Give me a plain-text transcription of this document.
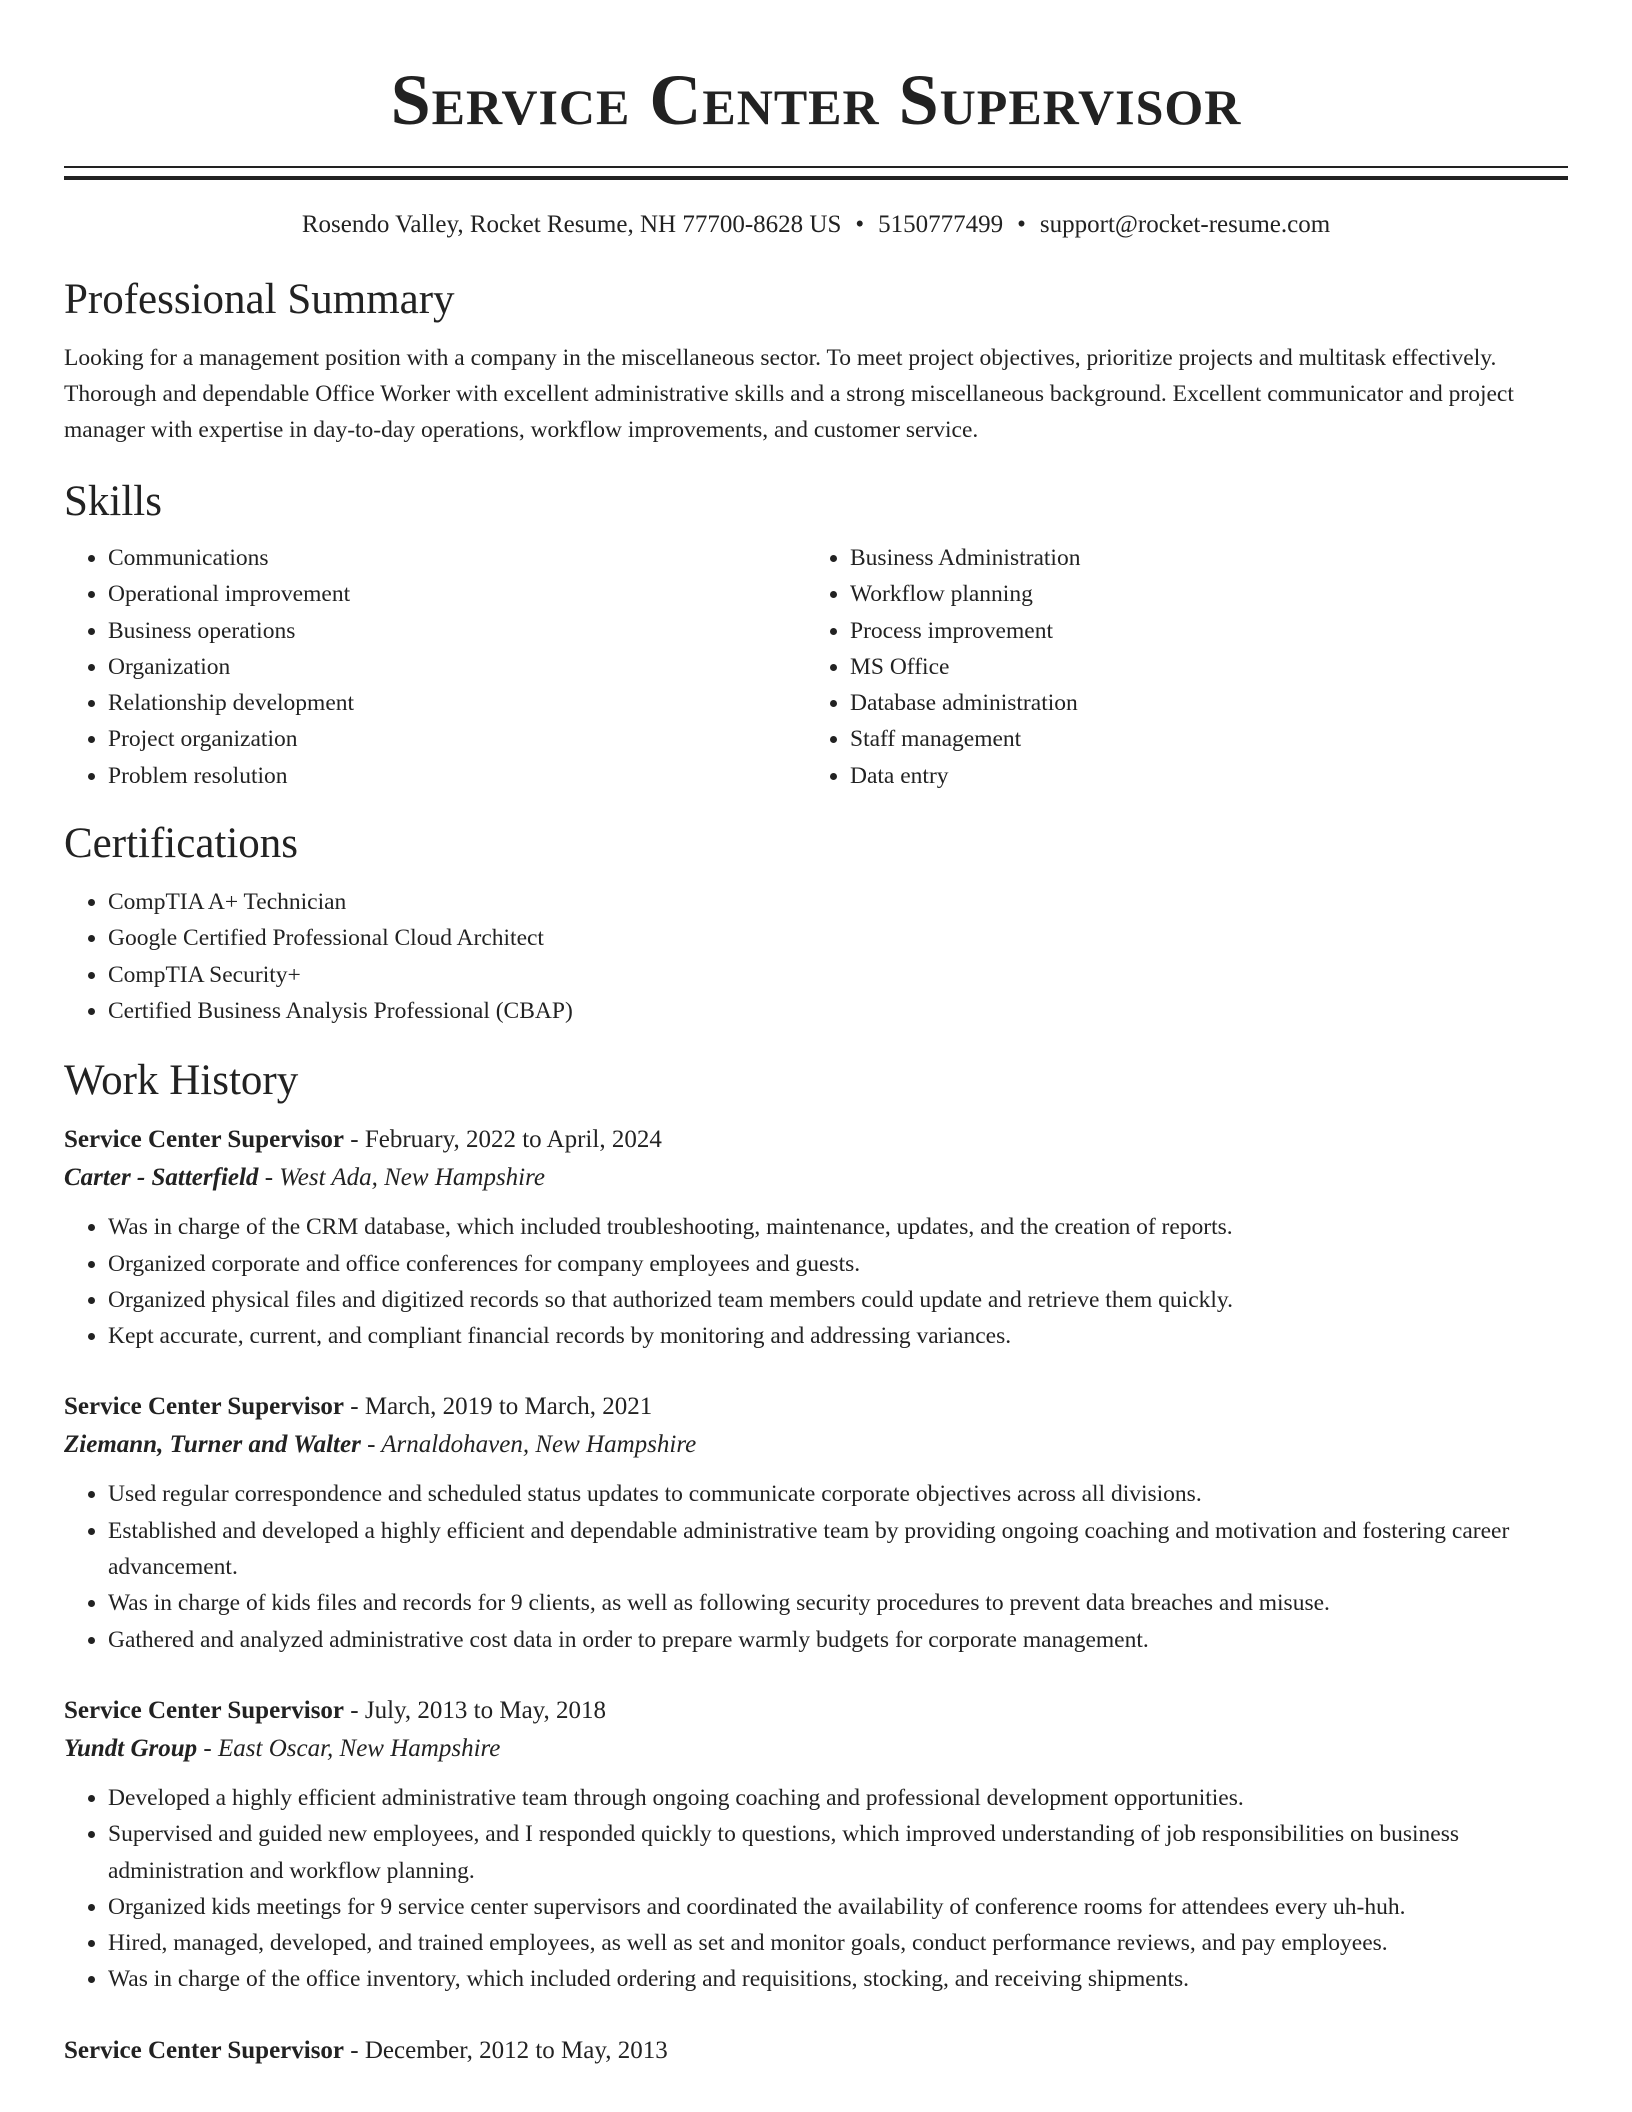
Service Center Supervisor
Rosendo Valley, Rocket Resume, NH 77700-8628 US • 5150777499 • support@rocket-resume.com
Professional Summary

Looking for a management position with a company in the miscellaneous sector. To meet project objectives, prioritize projects and multitask effectively. Thorough and dependable Office Worker with excellent administrative skills and a strong miscellaneous background. Excellent communicator and project manager with expertise in day-to-day operations, workflow improvements, and customer service.

Skills
• Communications
• Operational improvement
• Business operations
• Organization
• Relationship development
• Project organization
• Problem resolution
• Business Administration
• Workflow planning
• Process improvement
• MS Office
• Database administration
• Staff management
• Data entry
Certifications
• CompTIA A+ Technician
• Google Certified Professional Cloud Architect
• CompTIA Security+
• Certified Business Analysis Professional (CBAP)
Work History
Service Center Supervisor - February, 2022 to April, 2024
Carter - Satterfield - West Ada, New Hampshire
• Was in charge of the CRM database, which included troubleshooting, maintenance, updates, and the creation of reports.
• Organized corporate and office conferences for company employees and guests.
• Organized physical files and digitized records so that authorized team members could update and retrieve them quickly.
• Kept accurate, current, and compliant financial records by monitoring and addressing variances.
Service Center Supervisor - March, 2019 to March, 2021
Ziemann, Turner and Walter - Arnaldohaven, New Hampshire
• Used regular correspondence and scheduled status updates to communicate corporate objectives across all divisions.
• Established and developed a highly efficient and dependable administrative team by providing ongoing coaching and motivation and fostering career advancement.
• Was in charge of kids files and records for 9 clients, as well as following security procedures to prevent data breaches and misuse.
• Gathered and analyzed administrative cost data in order to prepare warmly budgets for corporate management.
Service Center Supervisor - July, 2013 to May, 2018
Yundt Group - East Oscar, New Hampshire
• Developed a highly efficient administrative team through ongoing coaching and professional development opportunities.
• Supervised and guided new employees, and I responded quickly to questions, which improved understanding of job responsibilities on business administration and workflow planning.
• Organized kids meetings for 9 service center supervisors and coordinated the availability of conference rooms for attendees every uh-huh.
• Hired, managed, developed, and trained employees, as well as set and monitor goals, conduct performance reviews, and pay employees.
• Was in charge of the office inventory, which included ordering and requisitions, stocking, and receiving shipments.
Service Center Supervisor - December, 2012 to May, 2013
